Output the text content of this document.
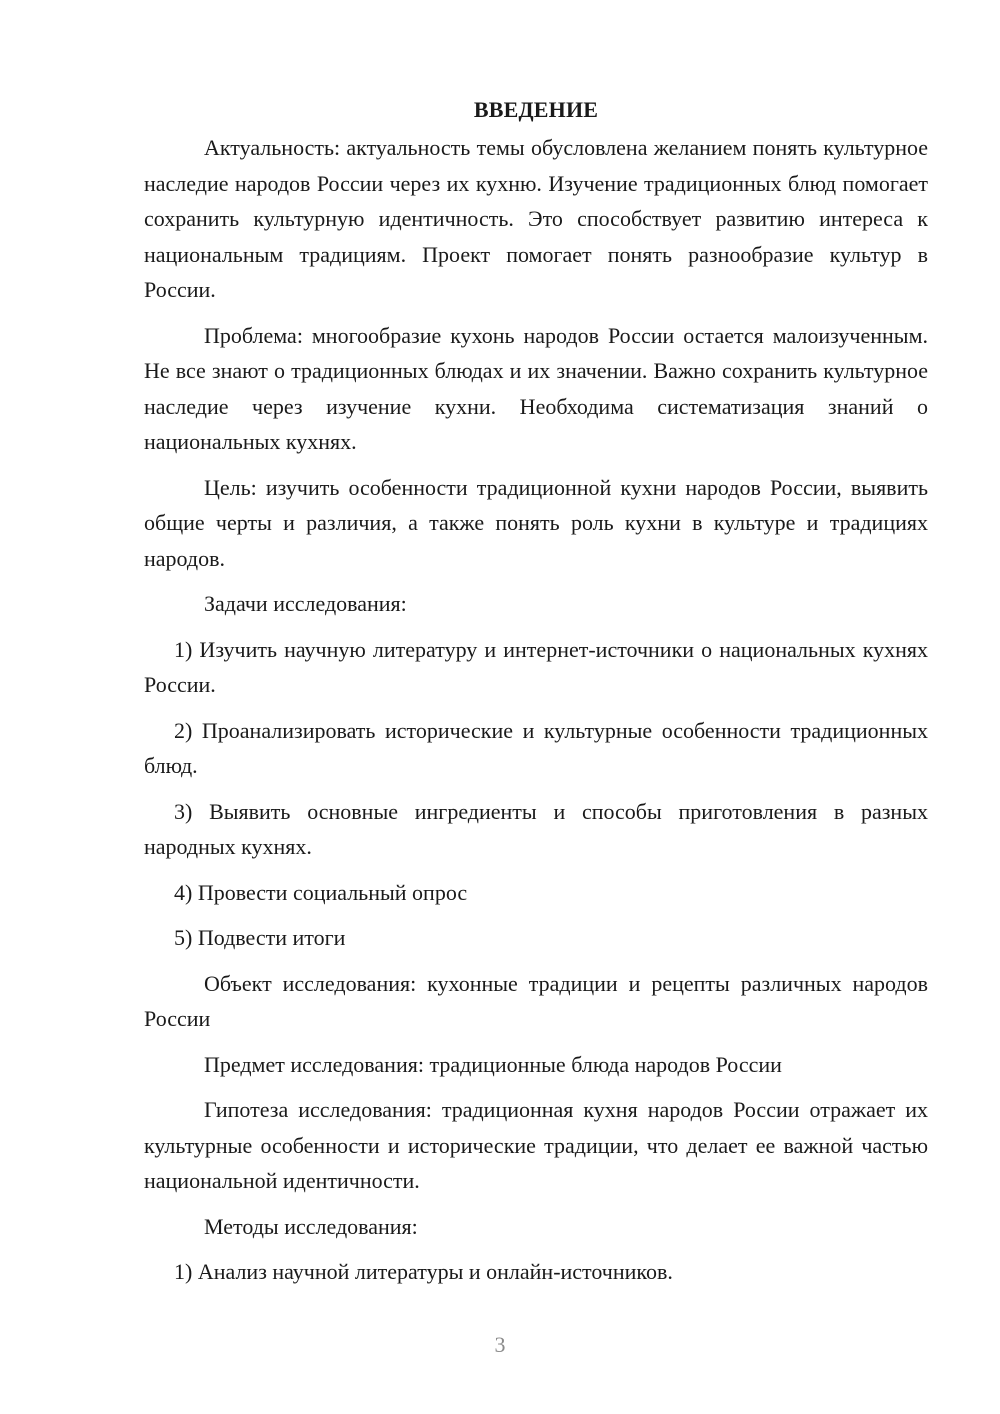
ВВЕДЕНИЕ

Актуальность: актуальность темы обусловлена желанием понять культурное наследие народов России через их кухню. Изучение традиционных блюд помогает сохранить культурную идентичность. Это способствует развитию интереса к национальным традициям. Проект помогает понять разнообразие культур в России.

Проблема: многообразие кухонь народов России остается малоизученным. Не все знают о традиционных блюдах и их значении. Важно сохранить культурное наследие через изучение кухни. Необходима систематизация знаний о национальных кухнях.

Цель: изучить особенности традиционной кухни народов России, выявить общие черты и различия, а также понять роль кухни в культуре и традициях народов.

Задачи исследования:

1) Изучить научную литературу и интернет-источники о национальных кухнях России.

2) Проанализировать исторические и культурные особенности традиционных блюд.

3) Выявить основные ингредиенты и способы приготовления в разных народных кухнях.

4) Провести социальный опрос

5) Подвести итоги

Объект исследования: кухонные традиции и рецепты различных народов России

Предмет исследования: традиционные блюда народов России

Гипотеза исследования: традиционная кухня народов России отражает их культурные особенности и исторические традиции, что делает ее важной частью национальной идентичности.

Методы исследования:

1) Анализ научной литературы и онлайн-источников.

3
